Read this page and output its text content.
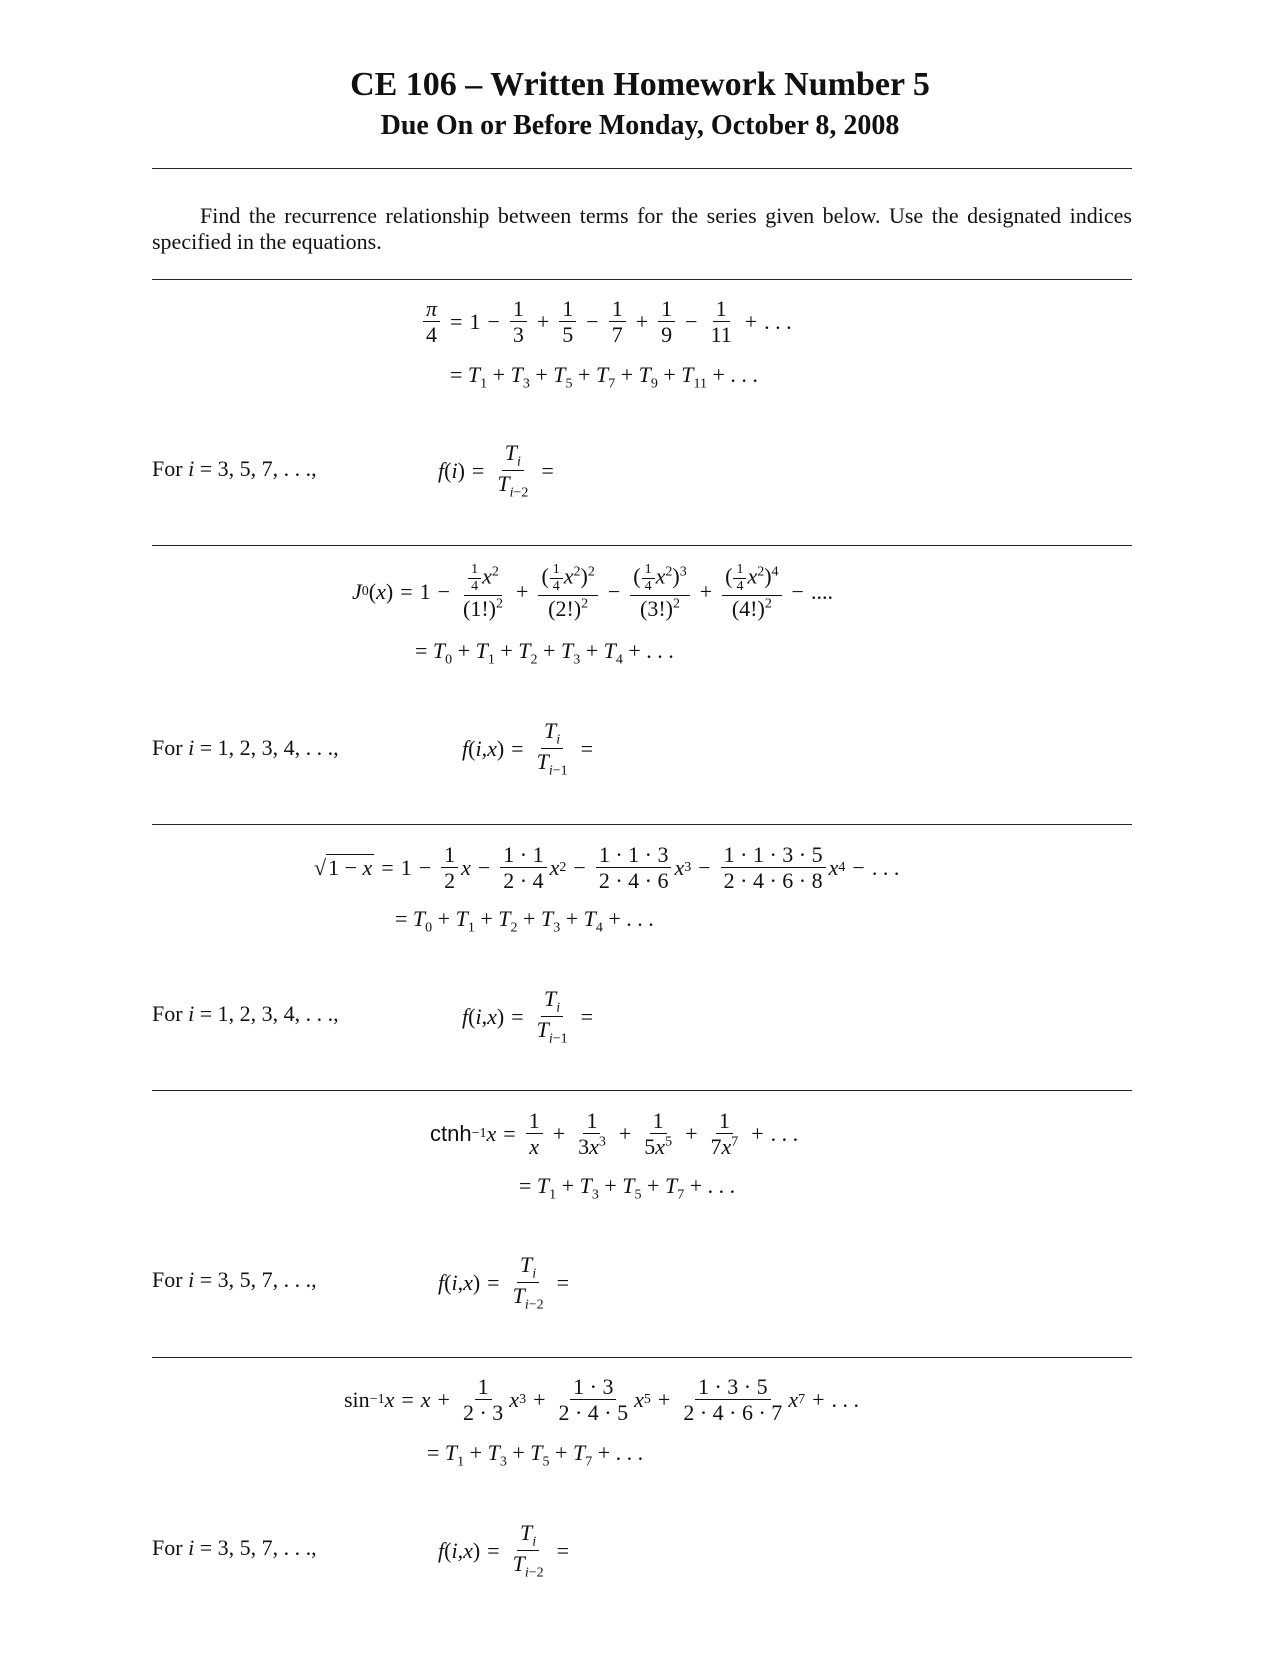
CE 106 – Written Homework Number 5
Due On or Before Monday, October 8, 2008
Find the recurrence relationship between terms for the series given below. Use the designated indices specified in the equations.
$\frac{\pi}{4} = 1 - \frac{1}{3} + \frac{1}{5} - \frac{1}{7} + \frac{1}{9} - \frac{1}{11}$ + . . .
= $T_1 + T_3 + T_5 + T_7 + T_9 + T_{11}$ + . . .
For i = 3, 5, 7, . . .,	f ( i ) = $\frac{T_i}{T_{i-2}}$ =
J 0 ( x ) = $1 - \frac{\frac{1}{4} x^2}{(1!)^2} + \frac{( \frac{1}{4} x^2)^2}{(2!)^2} - \frac{( \frac{1}{4} x^2)^3}{(3!)^2} + \frac{( \frac{1}{4} x^2)^4}{(4!)^2}$ − ....
= $T_0 + T_1 + T_2 + T_3 + T_4$ + . . .
For i = 1, 2, 3, 4, . . .,	f ( i , x ) = $\frac{T_i}{T_{i-1}}$ =
$√1 - x = 1 - \frac{1}{2}$ $x - \frac{1 \cdot 1}{2 \cdot 4}$ x $2 - \frac{1 \cdot 1 \cdot 3}{2 \cdot 4 \cdot 6}$ x $3 - \frac{1 \cdot 1 \cdot 3 \cdot 5}{2 \cdot 4 \cdot 6 \cdot 8}$ x 4 − . . .
= $T_0 + T_1 + T_2 + T_3 + T_4$ + . . .
For i = 1, 2, 3, 4, . . .,	f ( i , x ) = $\frac{T_i}{T_{i-1}}$ =
ctnh −1 $x = \frac{1}{x} + \frac{1}{3x^3} + \frac{1}{5x^5} + \frac{1}{7x^7}$ + . . .
= $T_1 + T_3 + T_5 + T_7$ + . . .
For i = 3, 5, 7, . . .,	f ( i , x ) = $\frac{T_i}{T_{i-2}}$ =
sin −1 $x = x + \frac{1}{2 \cdot 3}$ x $3 + \frac{1 \cdot 3}{2 \cdot 4 \cdot 5}$ x $5 + \frac{1 \cdot 3 \cdot 5}{2 \cdot 4 \cdot 6 \cdot 7}$ x 7 + . . .
= $T_1 + T_3 + T_5 + T_7$ + . . .
For i = 3, 5, 7, . . .,	f ( i , x ) = $\frac{T_i}{T_{i-2}}$ =
